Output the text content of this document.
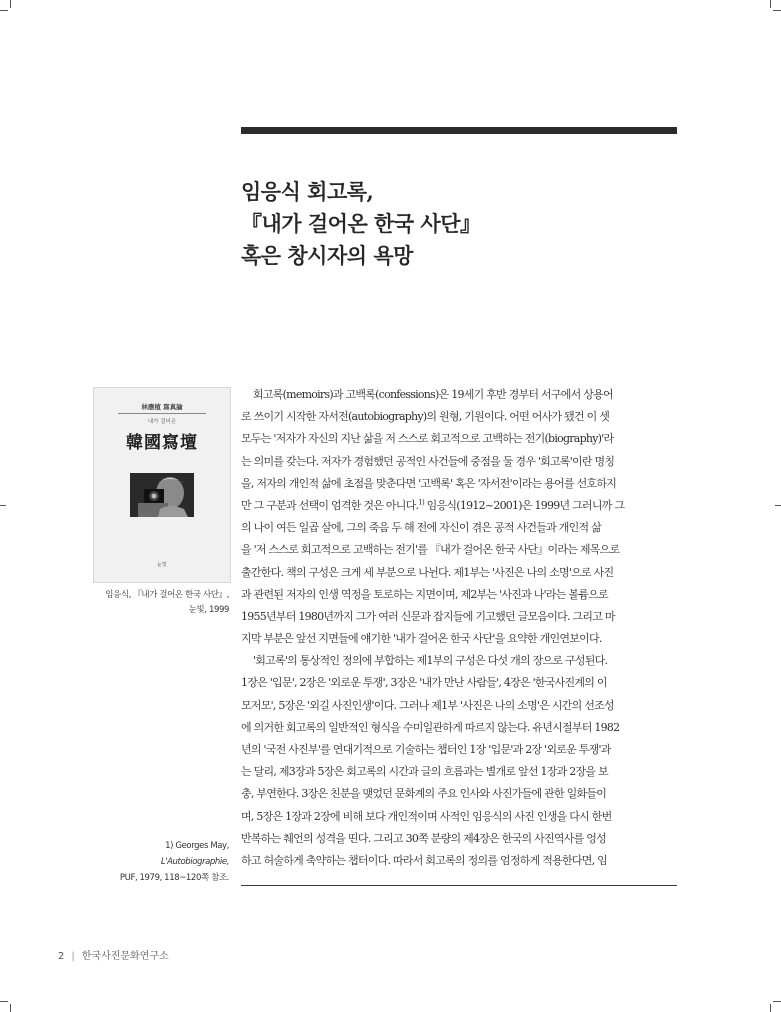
임응식 회고록,
『내가 걸어온 한국 사단』
혹은 창시자의 욕망
林應植 寫真論
내가 걸어온
韓國寫壇
눈빛
임응식, 『내가 걸어온 한국 사단』,
눈빛, 1999
1) Georges May,
L'Autobiographie,
PUF, 1979, 118~120쪽 참조.
회고록(memoirs)과 고백록(confessions)은 19세기 후반 경부터 서구에서 상용어
로 쓰이기 시작한 자서전(autobiography)의 원형, 기원이다. 어떤 어사가 됐건 이 셋
모두는 '저자가 자신의 지난 삶을 저 스스로 회고적으로 고백하는 전기(biography)'라
는 의미를 갖는다. 저자가 경험했던 공적인 사건들에 중점을 둘 경우 '회고록'이란 명칭
을, 저자의 개인적 삶에 초점을 맞춘다면 '고백록' 혹은 '자서전'이라는 용어를 선호하지
만 그 구분과 선택이 엄격한 것은 아니다.$^{1)}$ 임응식(1912~2001)은 1999년 그러니까 그
의 나이 여든 일곱 살에, 그의 죽음 두 해 전에 자신이 겪은 공적 사건들과 개인적 삶
을 '저 스스로 회고적으로 고백하는 전기'를 『내가 걸어온 한국 사단』이라는 제목으로
출간한다. 책의 구성은 크게 세 부분으로 나뉜다. 제1부는 '사진은 나의 소명'으로 사진
과 관련된 저자의 인생 역정을 토로하는 지면이며, 제2부는 '사진과 나'라는 볼륨으로
1955년부터 1980년까지 그가 여러 신문과 잡지들에 기고했던 글모음이다. 그리고 마
지막 부분은 앞선 지면들에 얘기한 '내가 걸어온 한국 사단'을 요약한 개인연보이다.
'회고록'의 통상적인 정의에 부합하는 제1부의 구성은 다섯 개의 장으로 구성된다.
1장은 '입문', 2장은 '외로운 투쟁', 3장은 '내가 만난 사람들', 4장은 '한국사진계의 이
모저모', 5장은 '외길 사진인생'이다. 그러나 제1부 '사진은 나의 소명'은 시간의 선조성
에 의거한 회고록의 일반적인 형식을 수미일관하게 따르지 않는다. 유년시절부터 1982
년의 '국전 사진부'를 연대기적으로 기술하는 챕터인 1장 '입문'과 2장 '외로운 투쟁'과
는 달리, 제3장과 5장은 회고록의 시간과 글의 흐름과는 별개로 앞선 1장과 2장을 보
충, 부연한다. 3장은 친분을 맺었던 문화계의 주요 인사와 사진가들에 관한 일화들이
며, 5장은 1장과 2장에 비해 보다 개인적이며 사적인 임응식의 사진 인생을 다시 한번
반복하는 췌언의 성격을 띤다. 그리고 30쪽 분량의 제4장은 한국의 사진역사를 엉성
하고 허술하게 축약하는 챕터이다. 따라서 회고록의 정의를 엄정하게 적용한다면, 임
2 | 한국사진문화연구소
